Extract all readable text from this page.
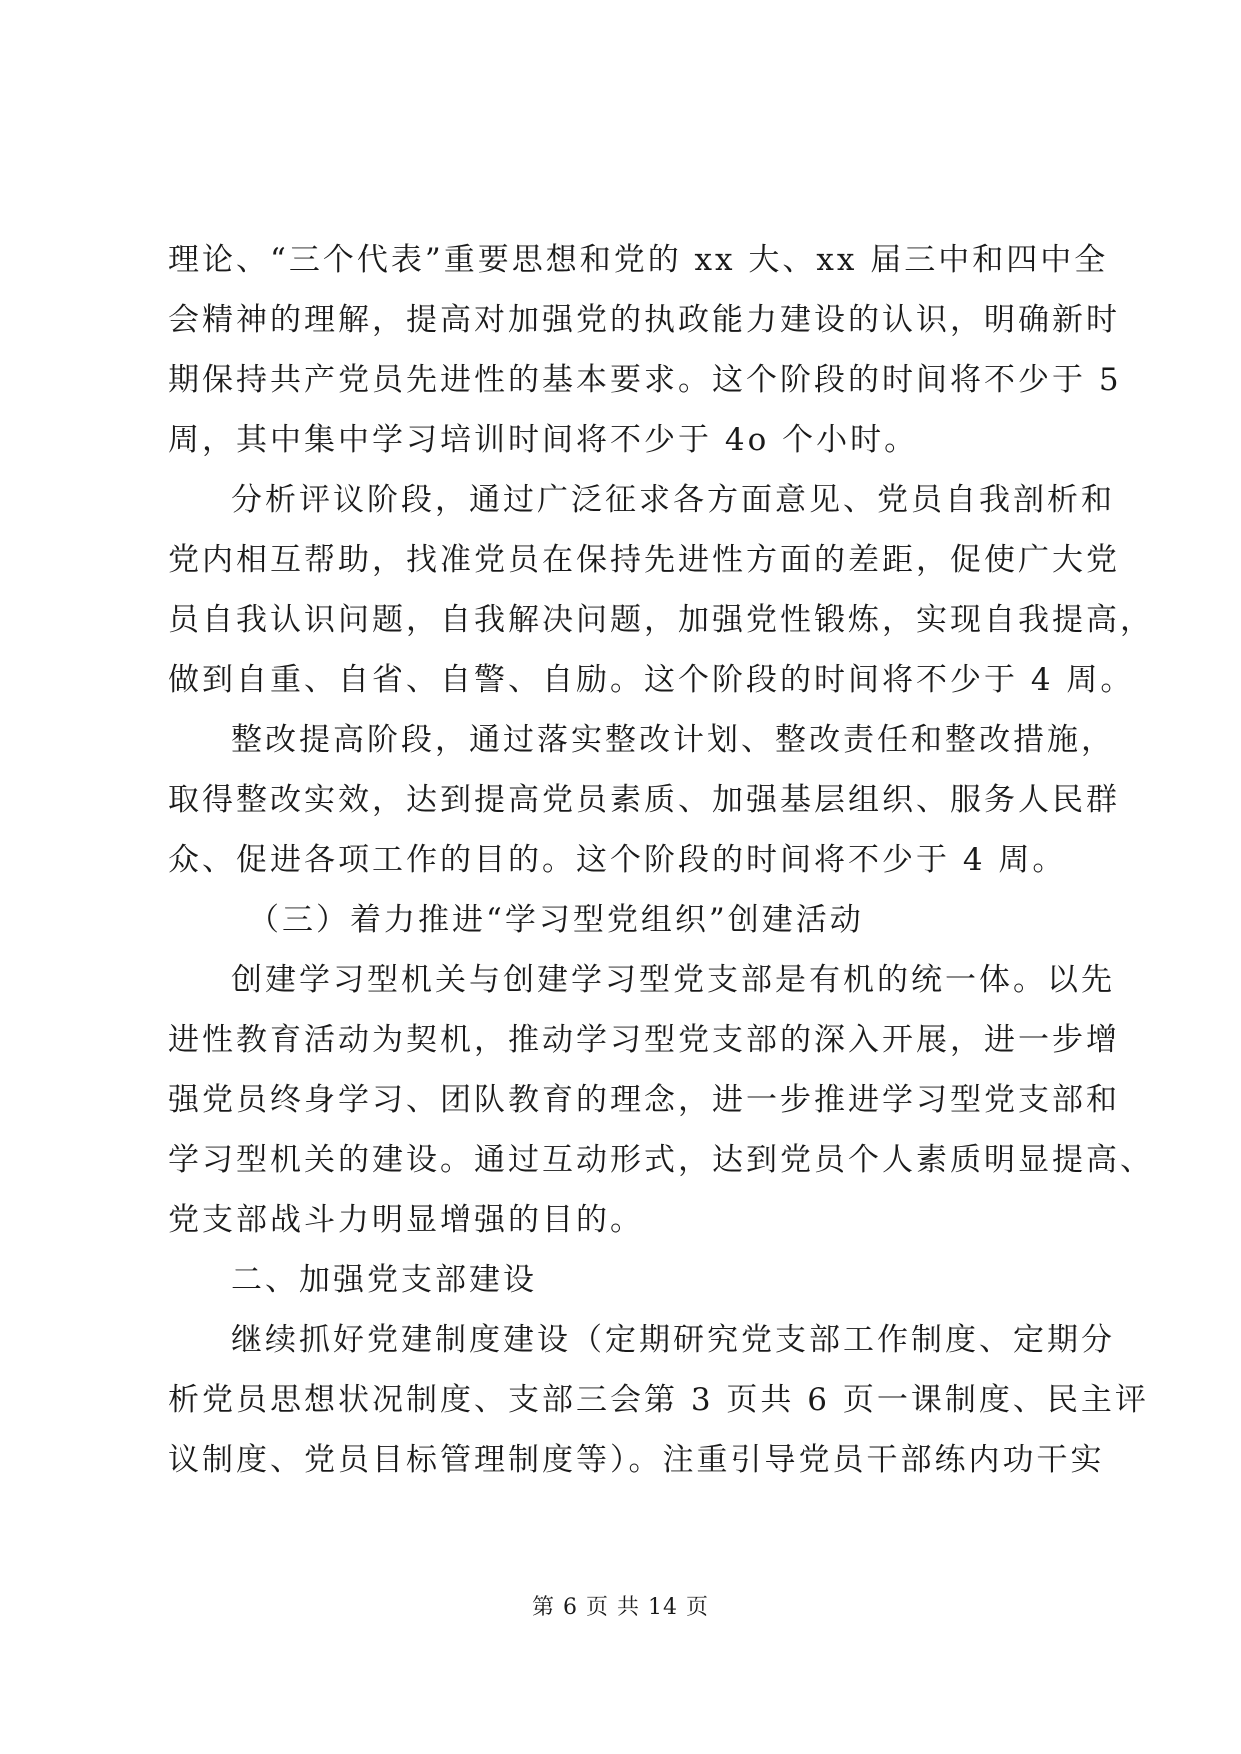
理论、“三个代表”重要思想和党的 xx 大、xx 届三中和四中全
会精神的理解，提高对加强党的执政能力建设的认识，明确新时
期保持共产党员先进性的基本要求。这个阶段的时间将不少于 5
周，其中集中学习培训时间将不少于 4o 个小时。
分析评议阶段，通过广泛征求各方面意见、党员自我剖析和
党内相互帮助，找准党员在保持先进性方面的差距，促使广大党
员自我认识问题，自我解决问题，加强党性锻炼，实现自我提高，
做到自重、自省、自警、自励。这个阶段的时间将不少于 4 周。
整改提高阶段，通过落实整改计划、整改责任和整改措施，
取得整改实效，达到提高党员素质、加强基层组织、服务人民群
众、促进各项工作的目的。这个阶段的时间将不少于 4 周。
（三）着力推进“学习型党组织”创建活动
创建学习型机关与创建学习型党支部是有机的统一体。以先
进性教育活动为契机，推动学习型党支部的深入开展，进一步增
强党员终身学习、团队教育的理念，进一步推进学习型党支部和
学习型机关的建设。通过互动形式，达到党员个人素质明显提高、
党支部战斗力明显增强的目的。
二、加强党支部建设
继续抓好党建制度建设（定期研究党支部工作制度、定期分
析党员思想状况制度、支部三会第 3 页共 6 页一课制度、民主评
议制度、党员目标管理制度等）。注重引导党员干部练内功干实
第 6 页 共 14 页
